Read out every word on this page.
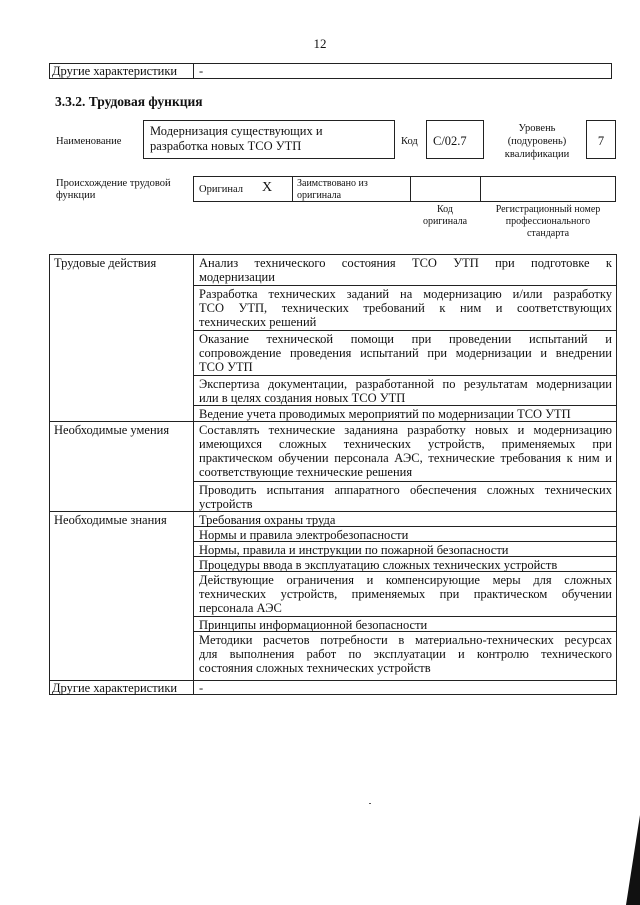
12
Другие характеристики -
3.3.2. Трудовая функция
Наименование
Модернизация существующих и
разработка новых ТСО УТП	Код С/02.7
Уровень
(подуровень)
квалификации
7
Происхождение трудовой
функции
Оригинал X Заимствовано из
оригинала
Код
оригинала
Регистрационный номер
профессионального
стандарта
Трудовые действия
Необходимые умения
Необходимые знания
Другие характеристики -
Анализ технического состояния ТСО УТП при подготовке к
модернизации
Разработка технических заданий на модернизацию и/или разработку
ТСО УТП, технических требований к ним и соответствующих
технических решений
Оказание технической помощи при проведении испытаний и
сопровождение проведения испытаний при модернизации и внедрении
ТСО УТП
Экспертиза документации, разработанной по результатам модернизации
или в целях создания новых ТСО УТП
Ведение учета проводимых мероприятий по модернизации ТСО УТП
Составлять технические заданияна разработку новых и модернизацию
имеющихся сложных технических устройств, применяемых при
практическом обучении персонала АЭС, технические требования к ним и
соответствующие технические решения
Проводить испытания аппаратного обеспечения сложных технических
устройств
Требования охраны труда
Нормы и правила электробезопасности
Нормы, правила и инструкции по пожарной безопасности
Процедуры ввода в эксплуатацию сложных технических устройств
Действующие ограничения и компенсирующие меры для сложных
технических устройств, применяемых при практическом обучении
персонала АЭС
Принципы информационной безопасности
Методики расчетов потребности в материально-технических ресурсах
для выполнения работ по эксплуатации и контролю технического
состояния сложных технических устройств
